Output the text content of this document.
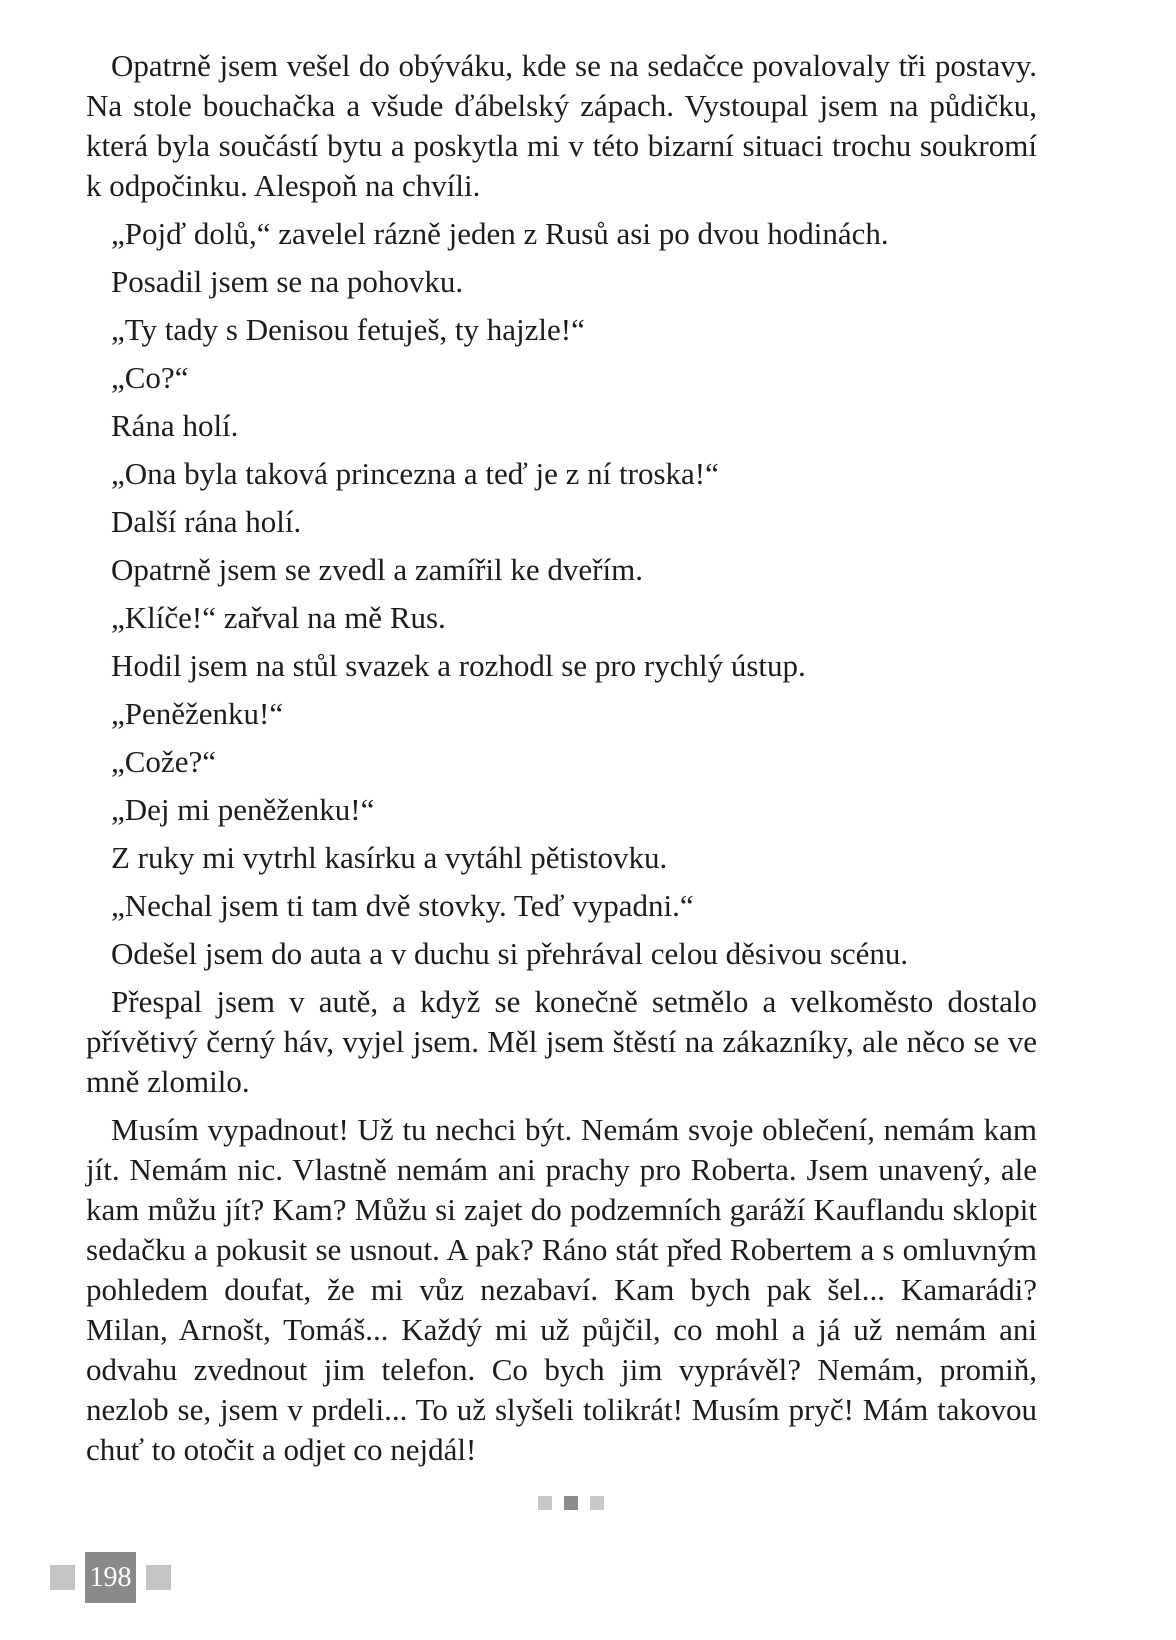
Opatrně jsem vešel do obýváku, kde se na sedačce povalovaly tři postavy. Na stole bouchačka a všude ďábelský zápach. Vystoupal jsem na půdičku, která byla součástí bytu a poskytla mi v této bizarní situaci trochu soukromí k odpočinku. Alespoň na chvíli.

„Pojď dolů,“ zavelel rázně jeden z Rusů asi po dvou hodinách.

Posadil jsem se na pohovku.

„Ty tady s Denisou fetuješ, ty hajzle!“

„Co?“

Rána holí.

„Ona byla taková princezna a teď je z ní troska!“

Další rána holí.

Opatrně jsem se zvedl a zamířil ke dveřím.

„Klíče!“ zařval na mě Rus.

Hodil jsem na stůl svazek a rozhodl se pro rychlý ústup.

„Peněženku!“

„Cože?“

„Dej mi peněženku!“

Z ruky mi vytrhl kasírku a vytáhl pětistovku.

„Nechal jsem ti tam dvě stovky. Teď vypadni.“

Odešel jsem do auta a v duchu si přehrával celou děsivou scénu.

Přespal jsem v autě, a když se konečně setmělo a velkoměsto dostalo přívětivý černý háv, vyjel jsem. Měl jsem štěstí na zákazníky, ale něco se ve mně zlomilo.

Musím vypadnout! Už tu nechci být. Nemám svoje oblečení, nemám kam jít. Nemám nic. Vlastně nemám ani prachy pro Roberta. Jsem unavený, ale kam můžu jít? Kam? Můžu si zajet do podzemních garáží Kauflandu sklopit sedačku a pokusit se usnout. A pak? Ráno stát před Robertem a s omluvným pohledem doufat, že mi vůz nezabaví. Kam bych pak šel... Kamarádi? Milan, Arnošt, Tomáš... Každý mi už půjčil, co mohl a já už nemám ani odvahu zvednout jim telefon. Co bych jim vyprávěl? Nemám, promiň, nezlob se, jsem v prdeli... To už slyšeli tolikrát! Musím pryč! Mám takovou chuť to otočit a odjet co nejdál!

198
